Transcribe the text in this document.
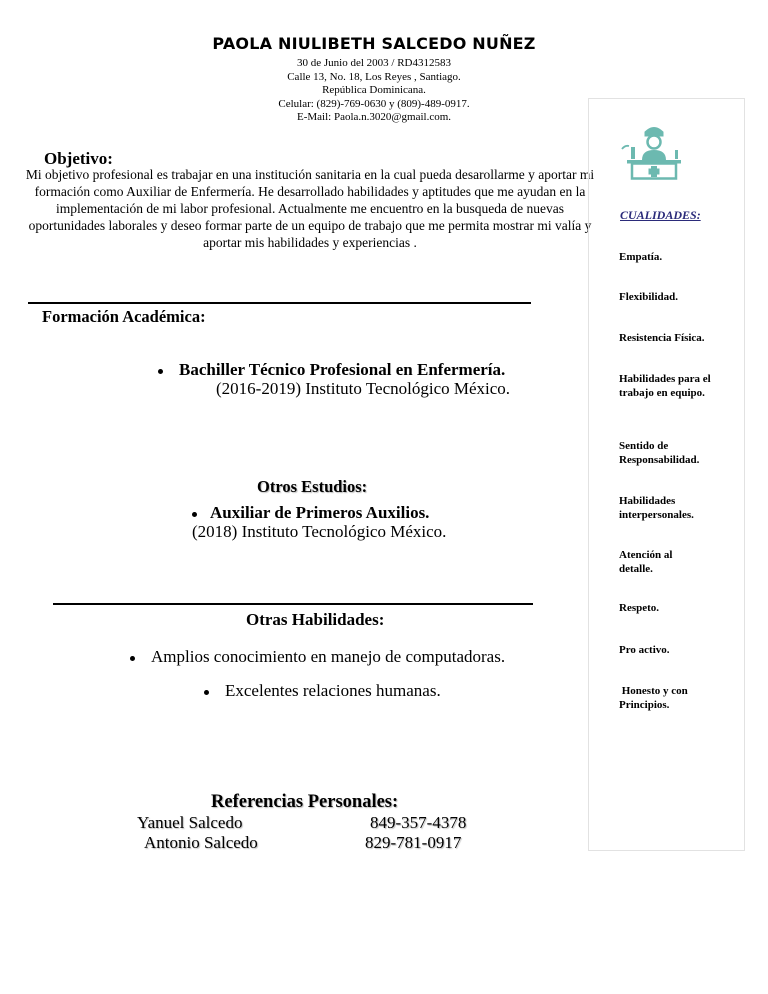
PAOLA NIULIBETH SALCEDO NUÑEZ
30 de Junio del 2003 / RD4312583
Calle 13, No. 18, Los Reyes , Santiago.
República Dominicana.
Celular: (829)-769-0630 y (809)-489-0917.
E-Mail: Paola.n.3020@gmail.com.
Objetivo:
Mi objetivo profesional es trabajar en una institución sanitaria en la cual pueda desarollarme y aportar mi formación como Auxiliar de Enfermería. He desarrollado habilidades y aptitudes que me ayudan en la implementación de mi labor profesional. Actualmente me encuentro en la busqueda de nuevas oportunidades laborales y deseo formar parte de un equipo de trabajo que me permita mostrar mi valía y aportar mis habilidades y experiencias .
Formación Académica:
Bachiller Técnico Profesional en Enfermería.
(2016-2019) Instituto Tecnológico México.
Otros Estudios:
Auxiliar de Primeros Auxilios.
(2018) Instituto Tecnológico México.
Otras Habilidades:
Amplios conocimiento en manejo de computadoras.
Excelentes relaciones humanas.
Referencias Personales:
Yanuel Salcedo	849-357-4378
Antonio Salcedo	829-781-0917
CUALIDADES:
Empatía.
Flexibilidad.
Resistencia Física.
Habilidades para el trabajo en equipo.
Sentido de Responsabilidad.
Habilidades interpersonales.
Atención al detalle.
Respeto.
Pro activo.
Honesto y con Principios.
